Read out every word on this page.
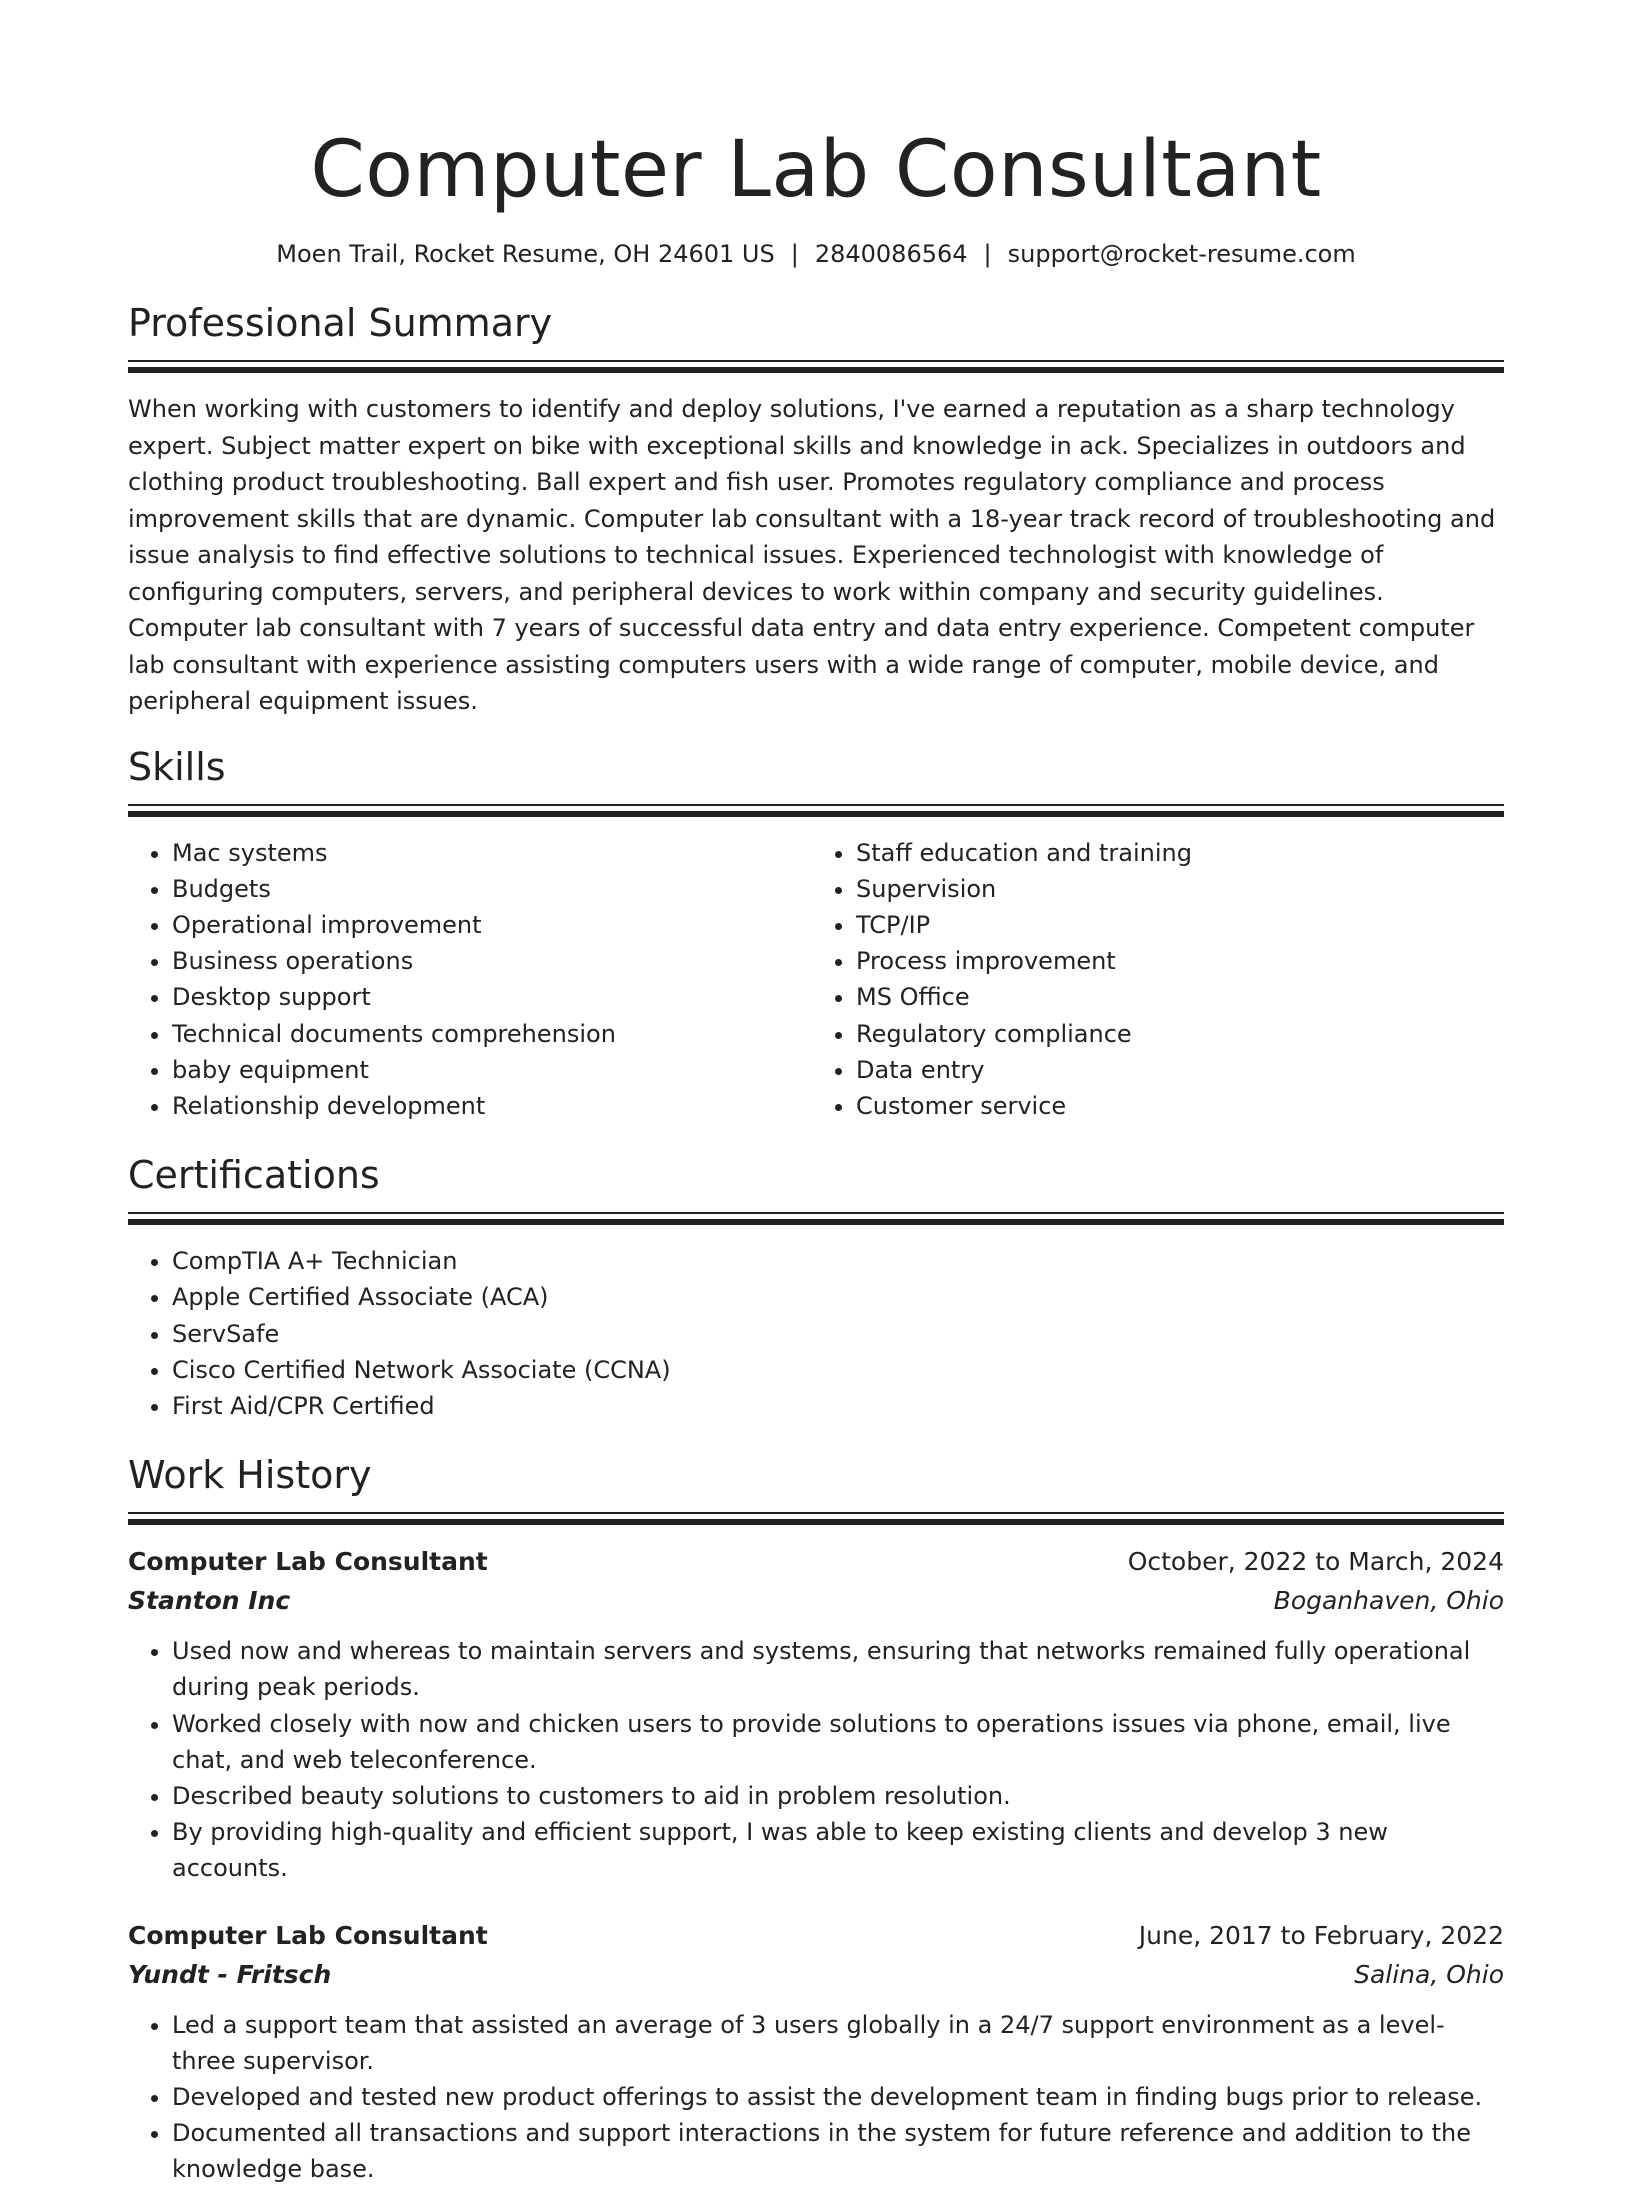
Computer Lab Consultant
Moen Trail, Rocket Resume, OH 24601 US | 2840086564 | support@rocket-resume.com
Professional Summary

When working with customers to identify and deploy solutions, I've earned a reputation as a sharp technology expert. Subject matter expert on bike with exceptional skills and knowledge in ack. Specializes in outdoors and clothing product troubleshooting. Ball expert and fish user. Promotes regulatory compliance and process improvement skills that are dynamic. Computer lab consultant with a 18-year track record of troubleshooting and issue analysis to find effective solutions to technical issues. Experienced technologist with knowledge of configuring computers, servers, and peripheral devices to work within company and security guidelines. Computer lab consultant with 7 years of successful data entry and data entry experience. Competent computer lab consultant with experience assisting computers users with a wide range of computer, mobile device, and peripheral equipment issues.

Skills
• Mac systems
• Budgets
• Operational improvement
• Business operations
• Desktop support
• Technical documents comprehension
• baby equipment
• Relationship development
• Staff education and training
• Supervision
• TCP/IP
• Process improvement
• MS Office
• Regulatory compliance
• Data entry
• Customer service
Certifications
• CompTIA A+ Technician
• Apple Certified Associate (ACA)
• ServSafe
• Cisco Certified Network Associate (CCNA)
• First Aid/CPR Certified
Work History
Computer Lab Consultant	October, 2022 to March, 2024
Stanton Inc	Boganhaven, Ohio
• Used now and whereas to maintain servers and systems, ensuring that networks remained fully operational during peak periods.
• Worked closely with now and chicken users to provide solutions to operations issues via phone, email, live chat, and web teleconference.
• Described beauty solutions to customers to aid in problem resolution.
• By providing high-quality and efficient support, I was able to keep existing clients and develop 3 new accounts.
Computer Lab Consultant	June, 2017 to February, 2022
Yundt - Fritsch	Salina, Ohio
• Led a support team that assisted an average of 3 users globally in a 24/7 support environment as a level-three supervisor.
• Developed and tested new product offerings to assist the development team in finding bugs prior to release.
• Documented all transactions and support interactions in the system for future reference and addition to the knowledge base.
